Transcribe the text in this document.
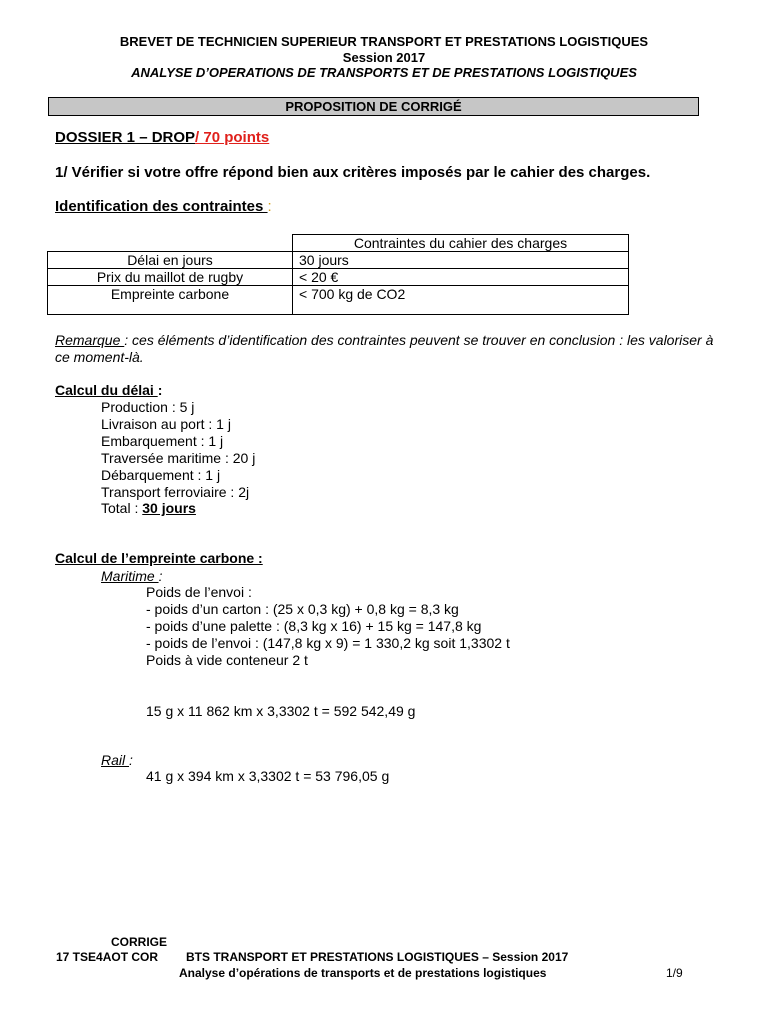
BREVET DE TECHNICIEN SUPERIEUR TRANSPORT ET PRESTATIONS LOGISTIQUES
Session 2017
ANALYSE D’OPERATIONS DE TRANSPORTS ET DE PRESTATIONS LOGISTIQUES
PROPOSITION DE CORRIGÉ
DOSSIER 1 – DROP/ 70 points
1/ Vérifier si votre offre répond bien aux critères imposés par le cahier des charges.
Identification des contraintes :
	Contraintes du cahier des charges
Délai en jours	30 jours
Prix du maillot de rugby	< 20 €
Empreinte carbone	< 700 kg de CO2
Remarque : ces éléments d’identification des contraintes peuvent se trouver en conclusion : les valoriser à ce moment-là.
Calcul du délai :
Production : 5 j
Livraison au port : 1 j
Embarquement : 1 j
Traversée maritime : 20 j
Débarquement : 1 j
Transport ferroviaire : 2j
Total : 30 jours
Calcul de l’empreinte carbone :
Maritime :
Poids de l’envoi :
- poids d’un carton : (25 x 0,3 kg) + 0,8 kg = 8,3 kg
- poids d’une palette : (8,3 kg x 16) + 15 kg = 147,8 kg
- poids de l’envoi : (147,8 kg x 9) = 1 330,2 kg soit 1,3302 t
Poids à vide conteneur 2 t
15 g x 11 862 km x 3,3302 t = 592 542,49 g
Rail :
41 g x 394 km x 3,3302 t = 53 796,05 g
CORRIGE
17 TSE4AOT COR BTS TRANSPORT ET PRESTATIONS LOGISTIQUES – Session 2017
Analyse d’opérations de transports et de prestations logistiques	1/9
